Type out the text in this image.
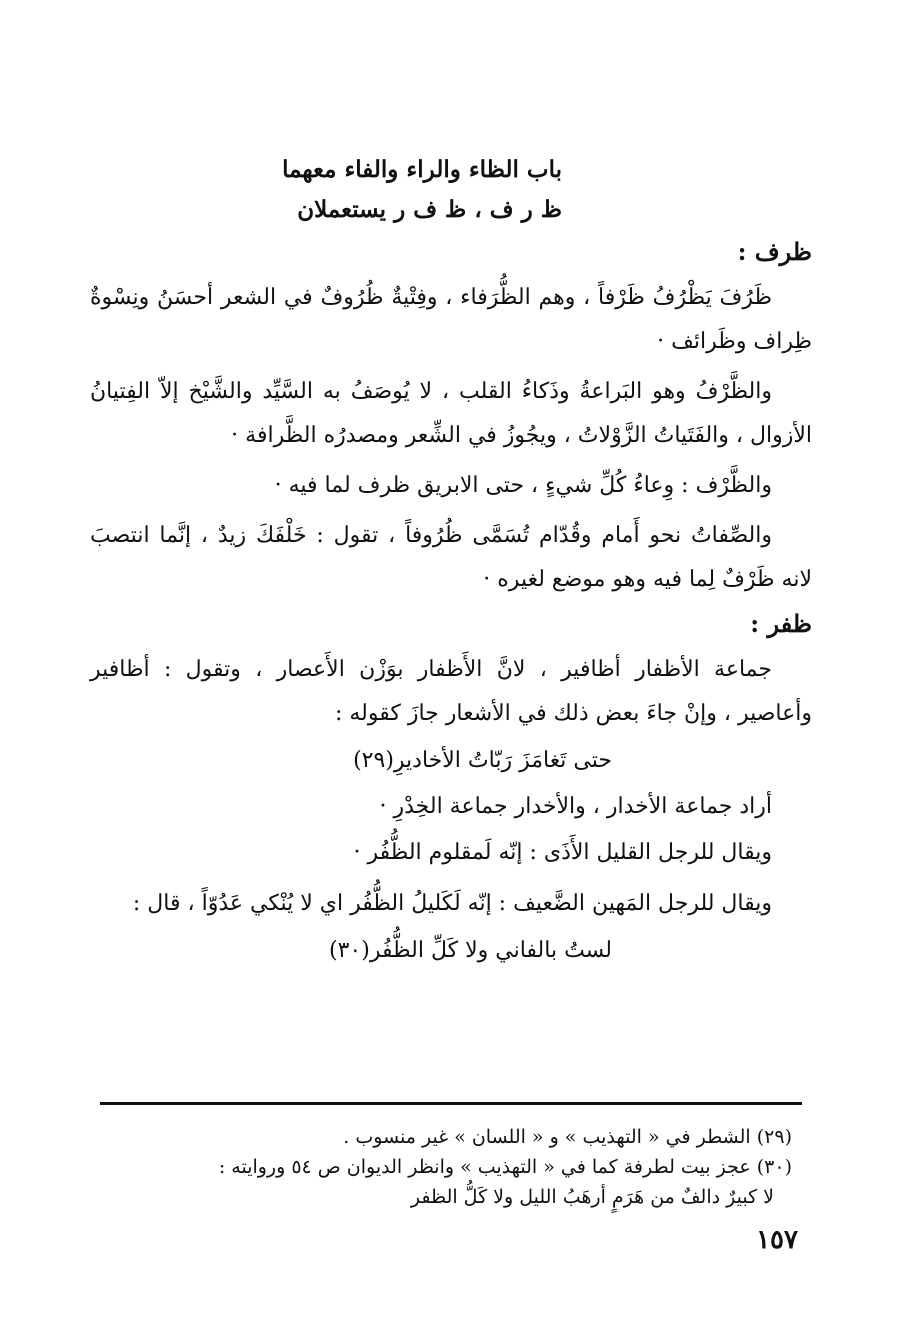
باب الظاء والراء والفاء معهما
ظ ر ف ، ظ ف ر يستعملان
ظرف :

ظَرُفَ يَظْرُفُ ظَرْفاً ، وهم الظُّرَفاء ، وفِتْيةٌ ظُرُوفٌ في الشعر أحسَنُ ونِسْوةٌ ظِراف وظَرائف ·

والظَّرْفُ وهو البَراعةُ وذَكاءُ القلب ، لا يُوصَفُ به السَّيِّد والشَّيْخ إلاّ الفِتيانُ الأزوال ، والفَتَياتُ الزَّوْلاتُ ، ويجُوزُ في الشِّعر ومصدرُه الظَّرافة ·

والظَّرْف : وِعاءُ كُلِّ شيءٍ ، حتى الابريق ظرف لما فيه ·

والصِّفاتُ نحو أَمام وقُدّام تُسَمَّى ظُرُوفاً ، تقول : خَلْفَكَ زيدٌ ، إنَّما انتصبَ لانه ظَرْفٌ لِما فيه وهو موضع لغيره ·

ظفر :

جماعة الأظفار أظافير ، لانَّ الأَظفار بوَزْن الأَعصار ، وتقول : أظافير وأعاصير ، وإنْ جاءَ بعض ذلك في الأشعار جازَ كقوله :

حتى تَغامَزَ رَبّاتُ الأخاديرِ(٢٩)
أراد جماعة الأخدار ، والأخدار جماعة الخِدْرِ ·
ويقال للرجل القليل الأَذَى : إنّه لَمقلوم الظُّفُر ·

ويقال للرجل المَهين الضَّعيف : إنّه لَكَليلُ الظُّفُر اي لا يُنْكي عَدُوّاً ، قال :

لستُ بالفاني ولا كَلِّ الظُّفُر(٣٠)
(٢٩) الشطر في « التهذيب » و « اللسان » غير منسوب .
(٣٠) عجز بيت لطرفة كما في « التهذيب » وانظر الديوان ص ٥٤ وروايته :
لا كبيرٌ دالفٌ من هَرَمٍ أرهَبُ الليل ولا كَلُّ الظفر
١٥٧
